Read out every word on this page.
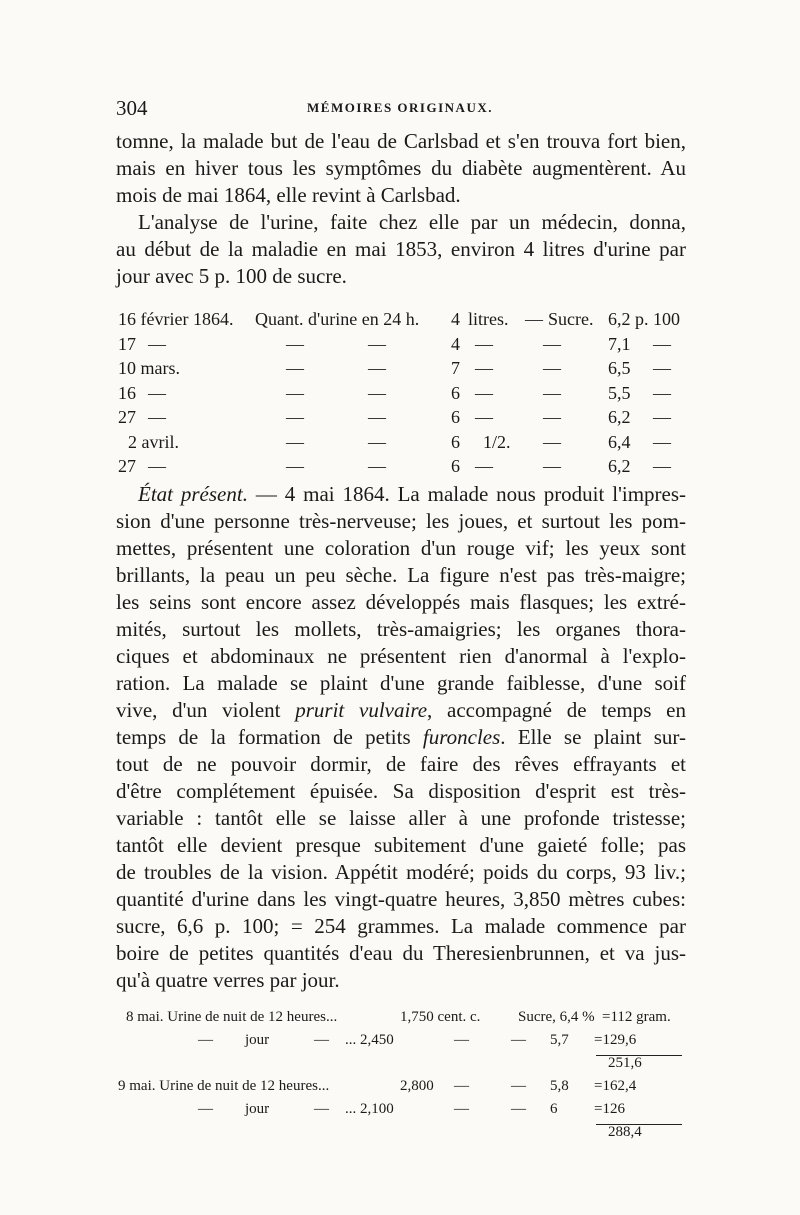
304	MÉMOIRES ORIGINAUX.
tomne, la malade but de l'eau de Carlsbad et s'en trouva fort bien,
mais en hiver tous les symptômes du diabète augmentèrent. Au
mois de mai 1864, elle revint à Carlsbad.
L'analyse de l'urine, faite chez elle par un médecin, donna,
au début de la maladie en mai 1853, environ 4 litres d'urine par
jour avec 5 p. 100 de sucre.
16 février 1864. Quant. d'urine en 24 h. 4 litres. — Sucre. 6,2 p. 100
17 —	—	—	4 —	—	7,1 —
10 mars.	—	—	7 —	—	6,5 —
16 —	—	—	6 —	—	5,5 —
27 —	—	—	6 —	—	6,2 —
2 avril.	—	—	6 1/2. —	6,4 —
27 —	—	—	6 —	—	6,2 —
État présent. — 4 mai 1864. La malade nous produit l'impres-
sion d'une personne très-nerveuse; les joues, et surtout les pom-
mettes, présentent une coloration d'un rouge vif; les yeux sont
brillants, la peau un peu sèche. La figure n'est pas très-maigre;
les seins sont encore assez développés mais flasques; les extré-
mités, surtout les mollets, très-amaigries; les organes thora-
ciques et abdominaux ne présentent rien d'anormal à l'explo-
ration. La malade se plaint d'une grande faiblesse, d'une soif
vive, d'un violent prurit vulvaire, accompagné de temps en
temps de la formation de petits furoncles. Elle se plaint sur-
tout de ne pouvoir dormir, de faire des rêves effrayants et
d'être complétement épuisée. Sa disposition d'esprit est très-
variable : tantôt elle se laisse aller à une profonde tristesse;
tantôt elle devient presque subitement d'une gaieté folle; pas
de troubles de la vision. Appétit modéré; poids du corps, 93 liv.;
quantité d'urine dans les vingt-quatre heures, 3,850 mètres cubes:
sucre, 6,6 p. 100; = 254 grammes. La malade commence par
boire de petites quantités d'eau du Theresienbrunnen, et va jus-
qu'à quatre verres par jour.
8 mai. Urine de nuit de 12 heures...	1,750 cent. c.	Sucre, 6,4 % =112 gram.
— jour	— ... 2,450	—	— 5,7 =129,6
251,6
9 mai. Urine de nuit de 12 heures...	2,800 —	— 5,8 =162,4
— jour	— ... 2,100	—	— 6 =126
288,4
